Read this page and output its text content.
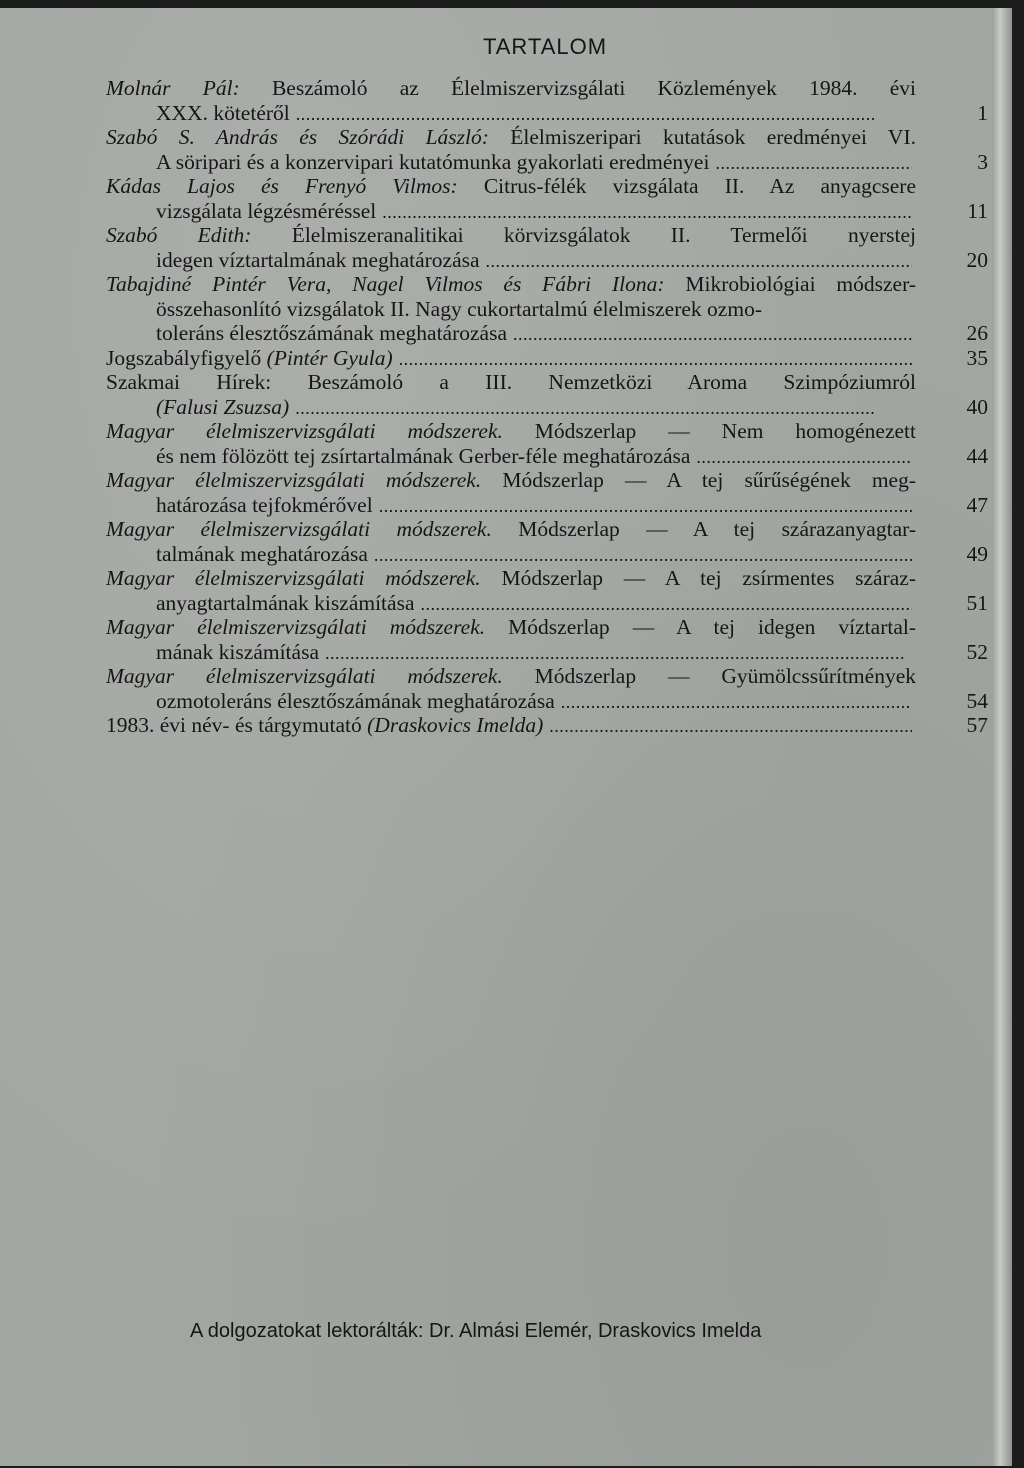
TARTALOM
Molnár Pál: Beszámoló az Élelmiszervizsgálati Közlemények 1984. évi
XXX. kötetéről . . .	1
Szabó S. András és Szórádi László: Élelmiszeripari kutatások eredményei VI.
A söripari és a konzervipari kutatómunka gyakorlati eredményei . . .	3
Kádas Lajos és Frenyó Vilmos: Citrus-félék vizsgálata II. Az anyagcsere
vizsgálata légzésméréssel . . .	11
Szabó Edith: Élelmiszeranalitikai körvizsgálatok II. Termelői nyerstej
idegen víztartalmának meghatározása . . .	20
Tabajdiné Pintér Vera, Nagel Vilmos és Fábri Ilona: Mikrobiológiai módszer-
összehasonlító vizsgálatok II. Nagy cukortartalmú élelmiszerek ozmo-
toleráns élesztőszámának meghatározása . . .	26
Jogszabályfigyelő (Pintér Gyula) . . .	35
Szakmai Hírek: Beszámoló a III. Nemzetközi Aroma Szimpóziumról
(Falusi Zsuzsa) . . .	40
Magyar élelmiszervizsgálati módszerek. Módszerlap — Nem homogénezett
és nem fölözött tej zsírtartalmának Gerber-féle meghatározása . . .	44
Magyar élelmiszervizsgálati módszerek. Módszerlap — A tej sűrűségének meg-
határozása tejfokmérővel . . .	47
Magyar élelmiszervizsgálati módszerek. Módszerlap — A tej szárazanyagtar-
talmának meghatározása . . .	49
Magyar élelmiszervizsgálati módszerek. Módszerlap — A tej zsírmentes száraz-
anyagtartalmának kiszámítása . . .	51
Magyar élelmiszervizsgálati módszerek. Módszerlap — A tej idegen víztartal-
mának kiszámítása . . .	52
Magyar élelmiszervizsgálati módszerek. Módszerlap — Gyümölcssűrítmények
ozmotoleráns élesztőszámának meghatározása . . .	54
1983. évi név- és tárgymutató (Draskovics Imelda) . . .	57
A dolgozatokat lektorálták: Dr. Almási Elemér, Draskovics Imelda
